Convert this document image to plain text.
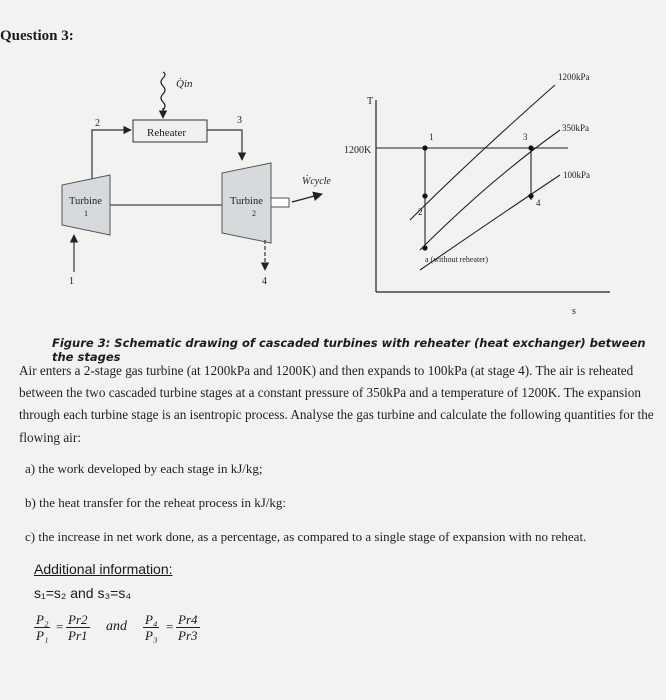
Question 3:
Q̇in
Reheater
2	3
Turbine
1
Turbine
2
Ẇcycle
1	4
T
s
1200K
1200kPa
350kPa
100kPa
1
2
3
4
a (without reheater)
Figure 3: Schematic drawing of cascaded turbines with reheater (heat exchanger) between the stages
Air enters a 2-stage gas turbine (at 1200kPa and 1200K) and then expands to 100kPa (at stage 4). The air is reheated between the two cascaded turbine stages at a constant pressure of 350kPa and a temperature of 1200K. The expansion through each turbine stage is an isentropic process. Analyse the gas turbine and calculate the following quantities for the flowing air:
a) the work developed by each stage in kJ/kg;
b) the heat transfer for the reheat process in kJ/kg:
c) the increase in net work done, as a percentage, as compared to a single stage of expansion with no reheat.
Additional information:
s₁=s₂ and s₃=s₄
$\frac{\text{P₂}}{\text{P₁}} = \frac{Pr2}{Pr1}$ and $\frac{\text{P₄}}{\text{P₃}} = \frac{Pr4}{Pr3}$
